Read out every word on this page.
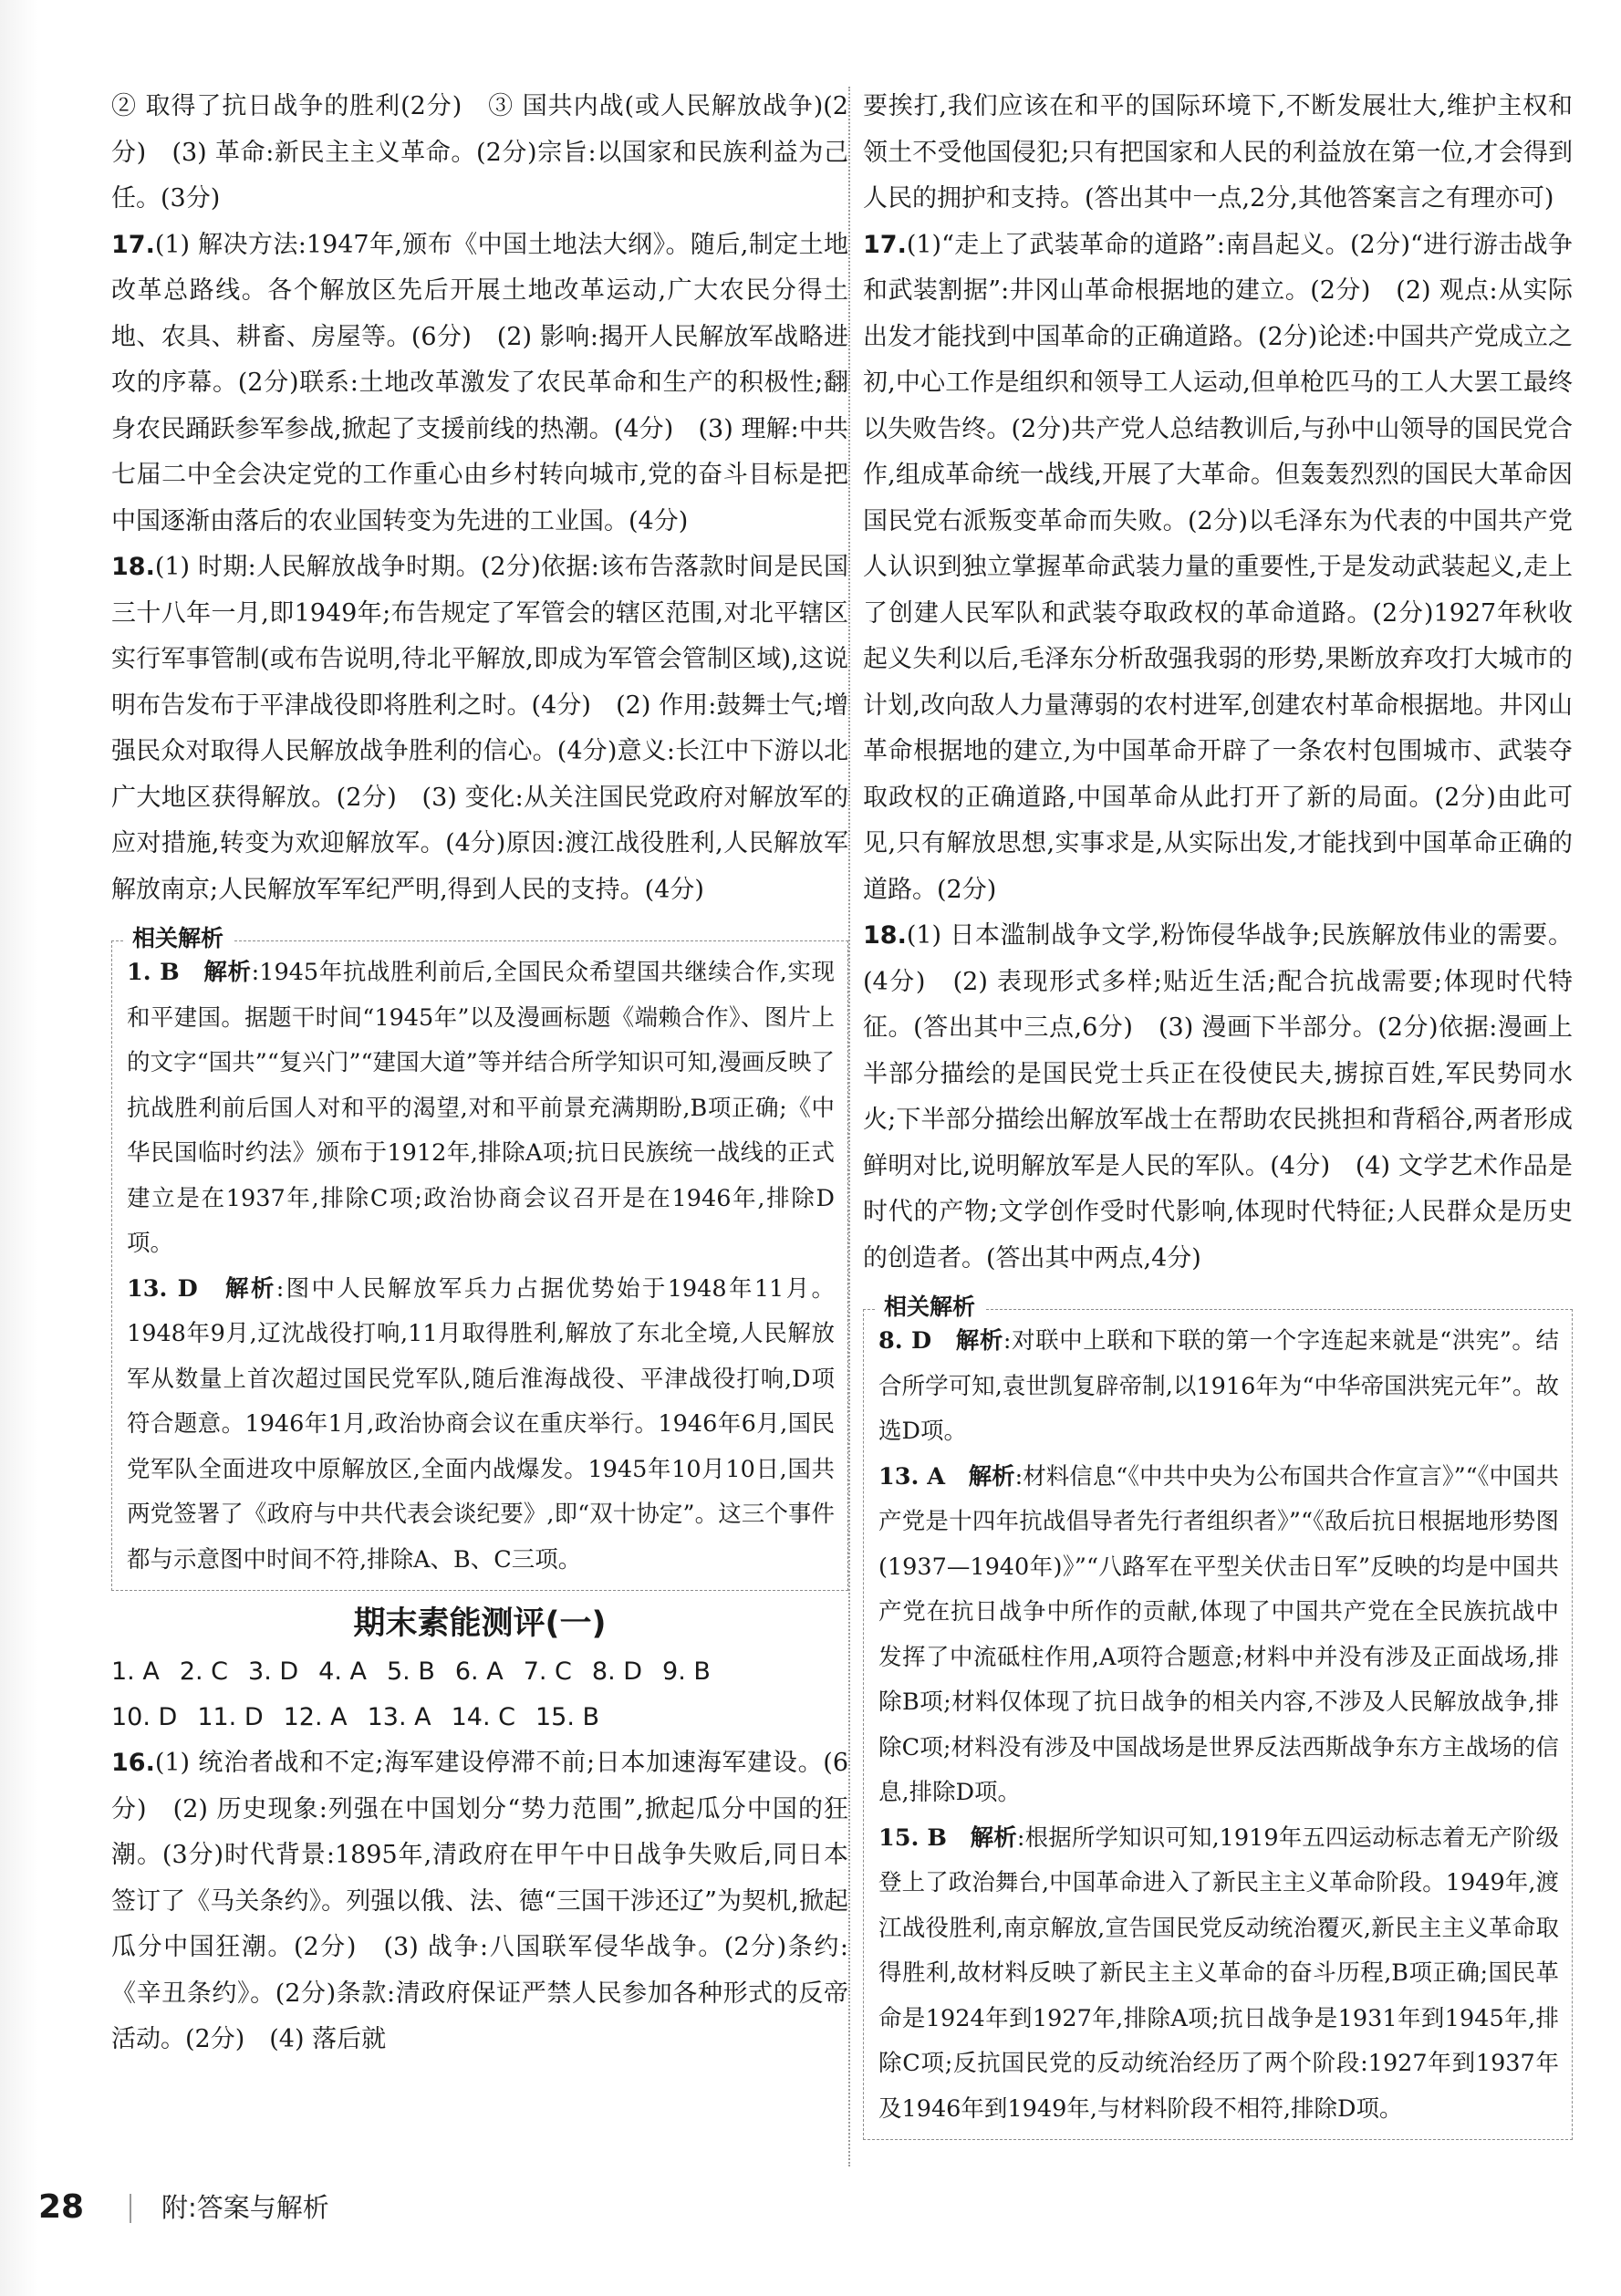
② 取得了抗日战争的胜利(2分)　③ 国共内战(或人民解放战争)(2分)　(3) 革命:新民主主义革命。(2分)宗旨:以国家和民族利益为己任。(3分)

17.(1) 解决方法:1947年,颁布《中国土地法大纲》。随后,制定土地改革总路线。各个解放区先后开展土地改革运动,广大农民分得土地、农具、耕畜、房屋等。(6分)　(2) 影响:揭开人民解放军战略进攻的序幕。(2分)联系:土地改革激发了农民革命和生产的积极性;翻身农民踊跃参军参战,掀起了支援前线的热潮。(4分)　(3) 理解:中共七届二中全会决定党的工作重心由乡村转向城市,党的奋斗目标是把中国逐渐由落后的农业国转变为先进的工业国。(4分)

18.(1) 时期:人民解放战争时期。(2分)依据:该布告落款时间是民国三十八年一月,即1949年;布告规定了军管会的辖区范围,对北平辖区实行军事管制(或布告说明,待北平解放,即成为军管会管制区域),这说明布告发布于平津战役即将胜利之时。(4分)　(2) 作用:鼓舞士气;增强民众对取得人民解放战争胜利的信心。(4分)意义:长江中下游以北广大地区获得解放。(2分)　(3) 变化:从关注国民党政府对解放军的应对措施,转变为欢迎解放军。(4分)原因:渡江战役胜利,人民解放军解放南京;人民解放军军纪严明,得到人民的支持。(4分)

相关解析

1. B　解析:1945年抗战胜利前后,全国民众希望国共继续合作,实现和平建国。据题干时间“1945年”以及漫画标题《端赖合作》、图片上的文字“国共”“复兴门”“建国大道”等并结合所学知识可知,漫画反映了抗战胜利前后国人对和平的渴望,对和平前景充满期盼,B项正确;《中华民国临时约法》颁布于1912年,排除A项;抗日民族统一战线的正式建立是在1937年,排除C项;政治协商会议召开是在1946年,排除D项。

13. D　解析:图中人民解放军兵力占据优势始于1948年11月。1948年9月,辽沈战役打响,11月取得胜利,解放了东北全境,人民解放军从数量上首次超过国民党军队,随后淮海战役、平津战役打响,D项符合题意。1946年1月,政治协商会议在重庆举行。1946年6月,国民党军队全面进攻中原解放区,全面内战爆发。1945年10月10日,国共两党签署了《政府与中共代表会谈纪要》,即“双十协定”。这三个事件都与示意图中时间不符,排除A、B、C三项。

期末素能测评(一)

1. A 2. C 3. D 4. A 5. B 6. A 7. C 8. D 9. B

10. D 11. D 12. A 13. A 14. C 15. B

16.(1) 统治者战和不定;海军建设停滞不前;日本加速海军建设。(6分)　(2) 历史现象:列强在中国划分“势力范围”,掀起瓜分中国的狂潮。(3分)时代背景:1895年,清政府在甲午中日战争失败后,同日本签订了《马关条约》。列强以俄、法、德“三国干涉还辽”为契机,掀起瓜分中国狂潮。(2分)　(3) 战争:八国联军侵华战争。(2分)条约:《辛丑条约》。(2分)条款:清政府保证严禁人民参加各种形式的反帝活动。(2分)　(4) 落后就

要挨打,我们应该在和平的国际环境下,不断发展壮大,维护主权和领土不受他国侵犯;只有把国家和人民的利益放在第一位,才会得到人民的拥护和支持。(答出其中一点,2分,其他答案言之有理亦可)

17.(1)“走上了武装革命的道路”:南昌起义。(2分)“进行游击战争和武装割据”:井冈山革命根据地的建立。(2分)　(2) 观点:从实际出发才能找到中国革命的正确道路。(2分)论述:中国共产党成立之初,中心工作是组织和领导工人运动,但单枪匹马的工人大罢工最终以失败告终。(2分)共产党人总结教训后,与孙中山领导的国民党合作,组成革命统一战线,开展了大革命。但轰轰烈烈的国民大革命因国民党右派叛变革命而失败。(2分)以毛泽东为代表的中国共产党人认识到独立掌握革命武装力量的重要性,于是发动武装起义,走上了创建人民军队和武装夺取政权的革命道路。(2分)1927年秋收起义失利以后,毛泽东分析敌强我弱的形势,果断放弃攻打大城市的计划,改向敌人力量薄弱的农村进军,创建农村革命根据地。井冈山革命根据地的建立,为中国革命开辟了一条农村包围城市、武装夺取政权的正确道路,中国革命从此打开了新的局面。(2分)由此可见,只有解放思想,实事求是,从实际出发,才能找到中国革命正确的道路。(2分)

18.(1) 日本滥制战争文学,粉饰侵华战争;民族解放伟业的需要。(4分)　(2) 表现形式多样;贴近生活;配合抗战需要;体现时代特征。(答出其中三点,6分)　(3) 漫画下半部分。(2分)依据:漫画上半部分描绘的是国民党士兵正在役使民夫,掳掠百姓,军民势同水火;下半部分描绘出解放军战士在帮助农民挑担和背稻谷,两者形成鲜明对比,说明解放军是人民的军队。(4分)　(4) 文学艺术作品是时代的产物;文学创作受时代影响,体现时代特征;人民群众是历史的创造者。(答出其中两点,4分)

相关解析

8. D　解析:对联中上联和下联的第一个字连起来就是“洪宪”。结合所学可知,袁世凯复辟帝制,以1916年为“中华帝国洪宪元年”。故选D项。

13. A　解析:材料信息“《中共中央为公布国共合作宣言》”“《中国共产党是十四年抗战倡导者先行者组织者》”“《敌后抗日根据地形势图(1937—1940年)》”“八路军在平型关伏击日军”反映的均是中国共产党在抗日战争中所作的贡献,体现了中国共产党在全民族抗战中发挥了中流砥柱作用,A项符合题意;材料中并没有涉及正面战场,排除B项;材料仅体现了抗日战争的相关内容,不涉及人民解放战争,排除C项;材料没有涉及中国战场是世界反法西斯战争东方主战场的信息,排除D项。

15. B　解析:根据所学知识可知,1919年五四运动标志着无产阶级登上了政治舞台,中国革命进入了新民主主义革命阶段。1949年,渡江战役胜利,南京解放,宣告国民党反动统治覆灭,新民主主义革命取得胜利,故材料反映了新民主主义革命的奋斗历程,B项正确;国民革命是1924年到1927年,排除A项;抗日战争是1931年到1945年,排除C项;反抗国民党的反动统治经历了两个阶段:1927年到1937年及1946年到1949年,与材料阶段不相符,排除D项。

28	附:答案与解析
